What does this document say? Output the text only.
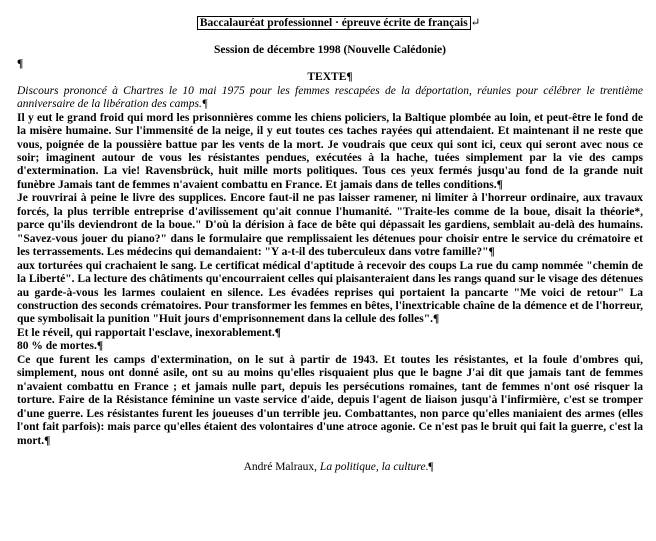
Baccalauréat professionnel · épreuve écrite de français ↵

Session de décembre 1998 (Nouvelle Calédonie)
¶
TEXTE¶

Discours prononcé à Chartres le 10 mai 1975 pour les femmes rescapées de la déportation, réunies pour célébrer le trentième anniversaire de la libération des camps.¶

Il y eut le grand froid qui mord les prisonnières comme les chiens policiers, la Baltique plombée au loin, et peut-être le fond de la misère humaine. Sur l'immensité de la neige, il y eut toutes ces taches rayées qui attendaient. Et maintenant il ne reste que vous, poignée de la poussière battue par les vents de la mort. Je voudrais que ceux qui sont ici, ceux qui seront avec nous ce soir; imaginent autour de vous les résistantes pendues, exécutées à la hache, tuées simplement par la vie des camps d'extermination. La vie! Ravensbrück, huit mille morts politiques. Tous ces yeux fermés jusqu'au fond de la grande nuit funèbre Jamais tant de femmes n'avaient combattu en France. Et jamais dans de telles conditions.¶

Je rouvrirai à peine le livre des supplices. Encore faut-il ne pas laisser ramener, ni limiter à l'horreur ordinaire, aux travaux forcés, la plus terrible entreprise d'avilissement qu'ait connue l'humanité. "Traite-les comme de la boue, disait la théorie*, parce qu'ils deviendront de la boue." D'où la dérision à face de bête qui dépassait les gardiens, semblait au-delà des humains. "Savez-vous jouer du piano?" dans le formulaire que remplissaient les détenues pour choisir entre le service du crématoire et les terrassements. Les médecins qui demandaient: "Y a-t-il des tuberculeux dans votre famille?"¶

aux torturées qui crachaient le sang. Le certificat médical d'aptitude à recevoir des coups La rue du camp nommée "chemin de la Liberté". La lecture des châtiments qu'encourraient celles qui plaisanteraient dans les rangs quand sur le visage des détenues au garde-à-vous les larmes coulaient en silence. Les évadées reprises qui portaient la pancarte "Me voici de retour" La construction des seconds crématoires. Pour transformer les femmes en bêtes, l'inextricable chaîne de la démence et de l'horreur, que symbolisait la punition "Huit jours d'emprisonnement dans la cellule des folles".¶

Et le réveil, qui rapportait l'esclave, inexorablement.¶

80 % de mortes.¶

Ce que furent les camps d'extermination, on le sut à partir de 1943. Et toutes les résistantes, et la foule d'ombres qui, simplement, nous ont donné asile, ont su au moins qu'elles risquaient plus que le bagne J'ai dit que jamais tant de femmes n'avaient combattu en France ; et jamais nulle part, depuis les persécutions romaines, tant de femmes n'ont osé risquer la torture. Faire de la Résistance féminine un vaste service d'aide, depuis l'agent de liaison jusqu'à l'infirmière, c'est se tromper d'une guerre. Les résistantes furent les joueuses d'un terrible jeu. Combattantes, non parce qu'elles maniaient des armes (elles l'ont fait parfois): mais parce qu'elles étaient des volontaires d'une atroce agonie. Ce n'est pas le bruit qui fait la guerre, c'est la mort.¶

André Malraux, La politique, la culture.¶
